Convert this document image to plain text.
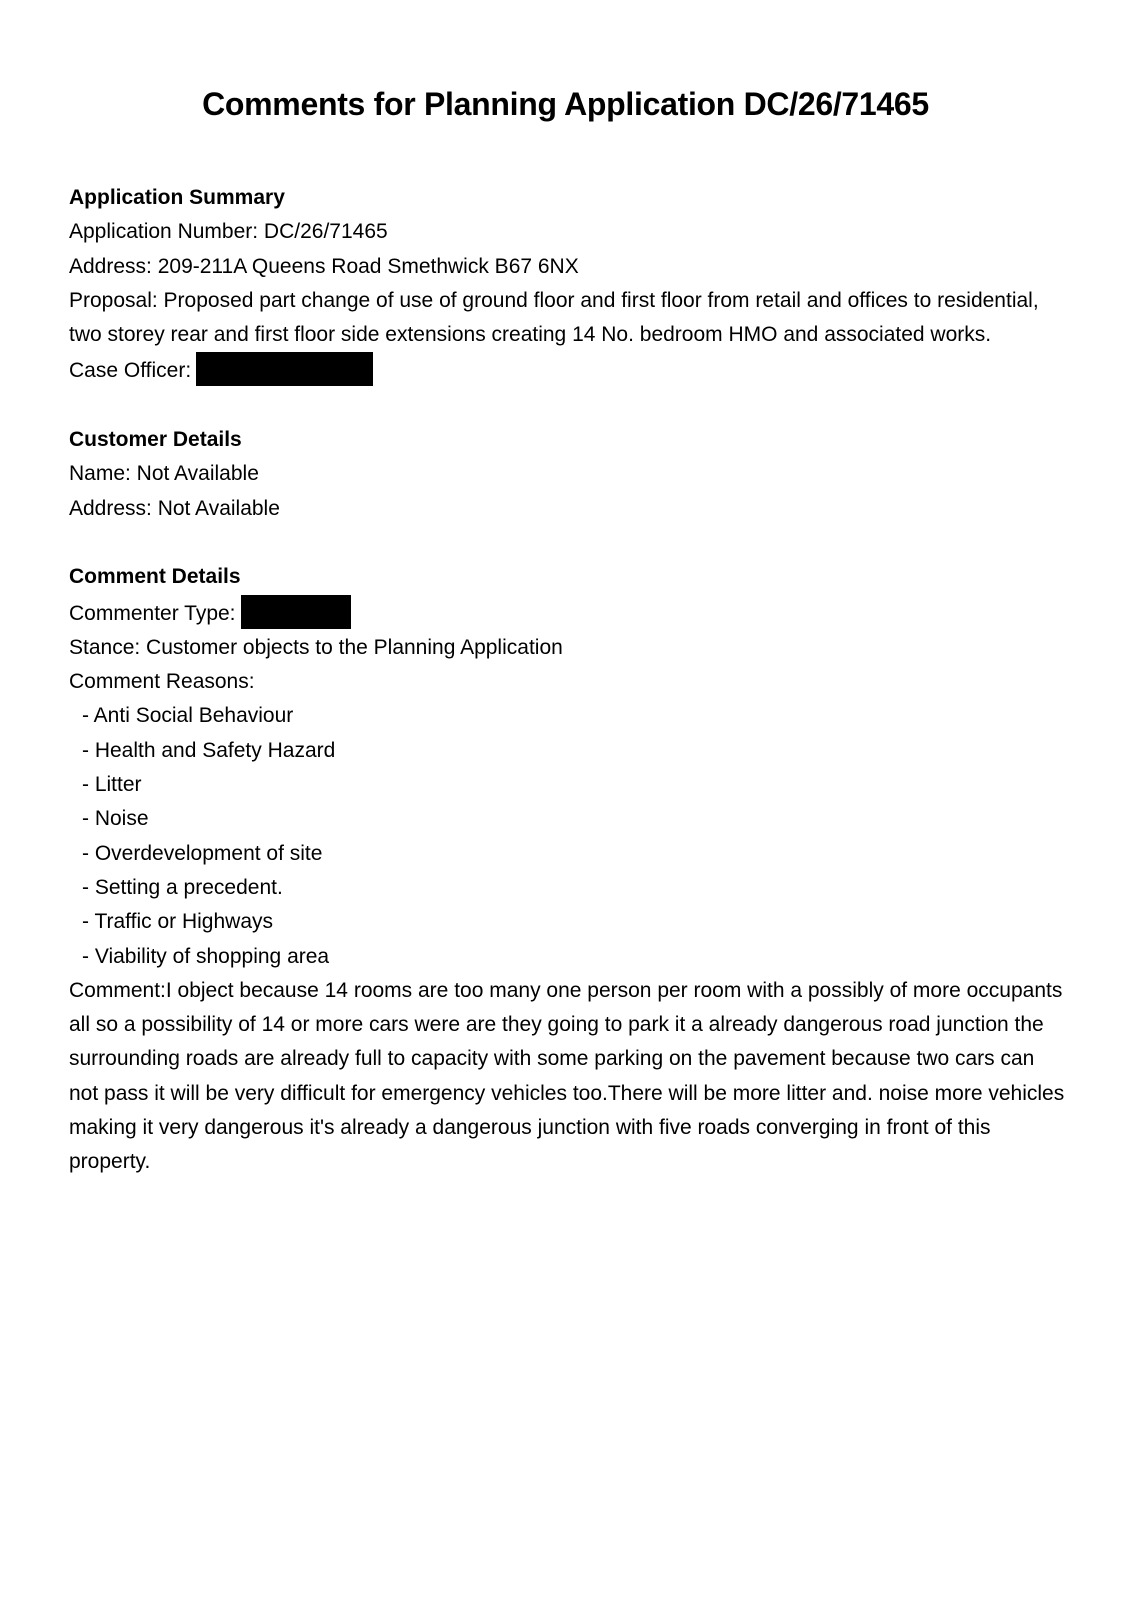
Comments for Planning Application DC/26/71465

Application Summary

Application Number: DC/26/71465

Address: 209-211A Queens Road Smethwick B67 6NX

Proposal: Proposed part change of use of ground floor and first floor from retail and offices to residential, two storey rear and first floor side extensions creating 14 No. bedroom HMO and associated works.

Case Officer:

Customer Details

Name: Not Available

Address: Not Available

Comment Details

Commenter Type:

Stance: Customer objects to the Planning Application

Comment Reasons:

- Anti Social Behaviour
- Health and Safety Hazard
- Litter
- Noise
- Overdevelopment of site
- Setting a precedent.
- Traffic or Highways
- Viability of shopping area

Comment:I object because 14 rooms are too many one person per room with a possibly of more occupants all so a possibility of 14 or more cars were are they going to park it a already dangerous road junction the surrounding roads are already full to capacity with some parking on the pavement because two cars can not pass it will be very difficult for emergency vehicles too.There will be more litter and. noise more vehicles making it very dangerous it's already a dangerous junction with five roads converging in front of this property.
